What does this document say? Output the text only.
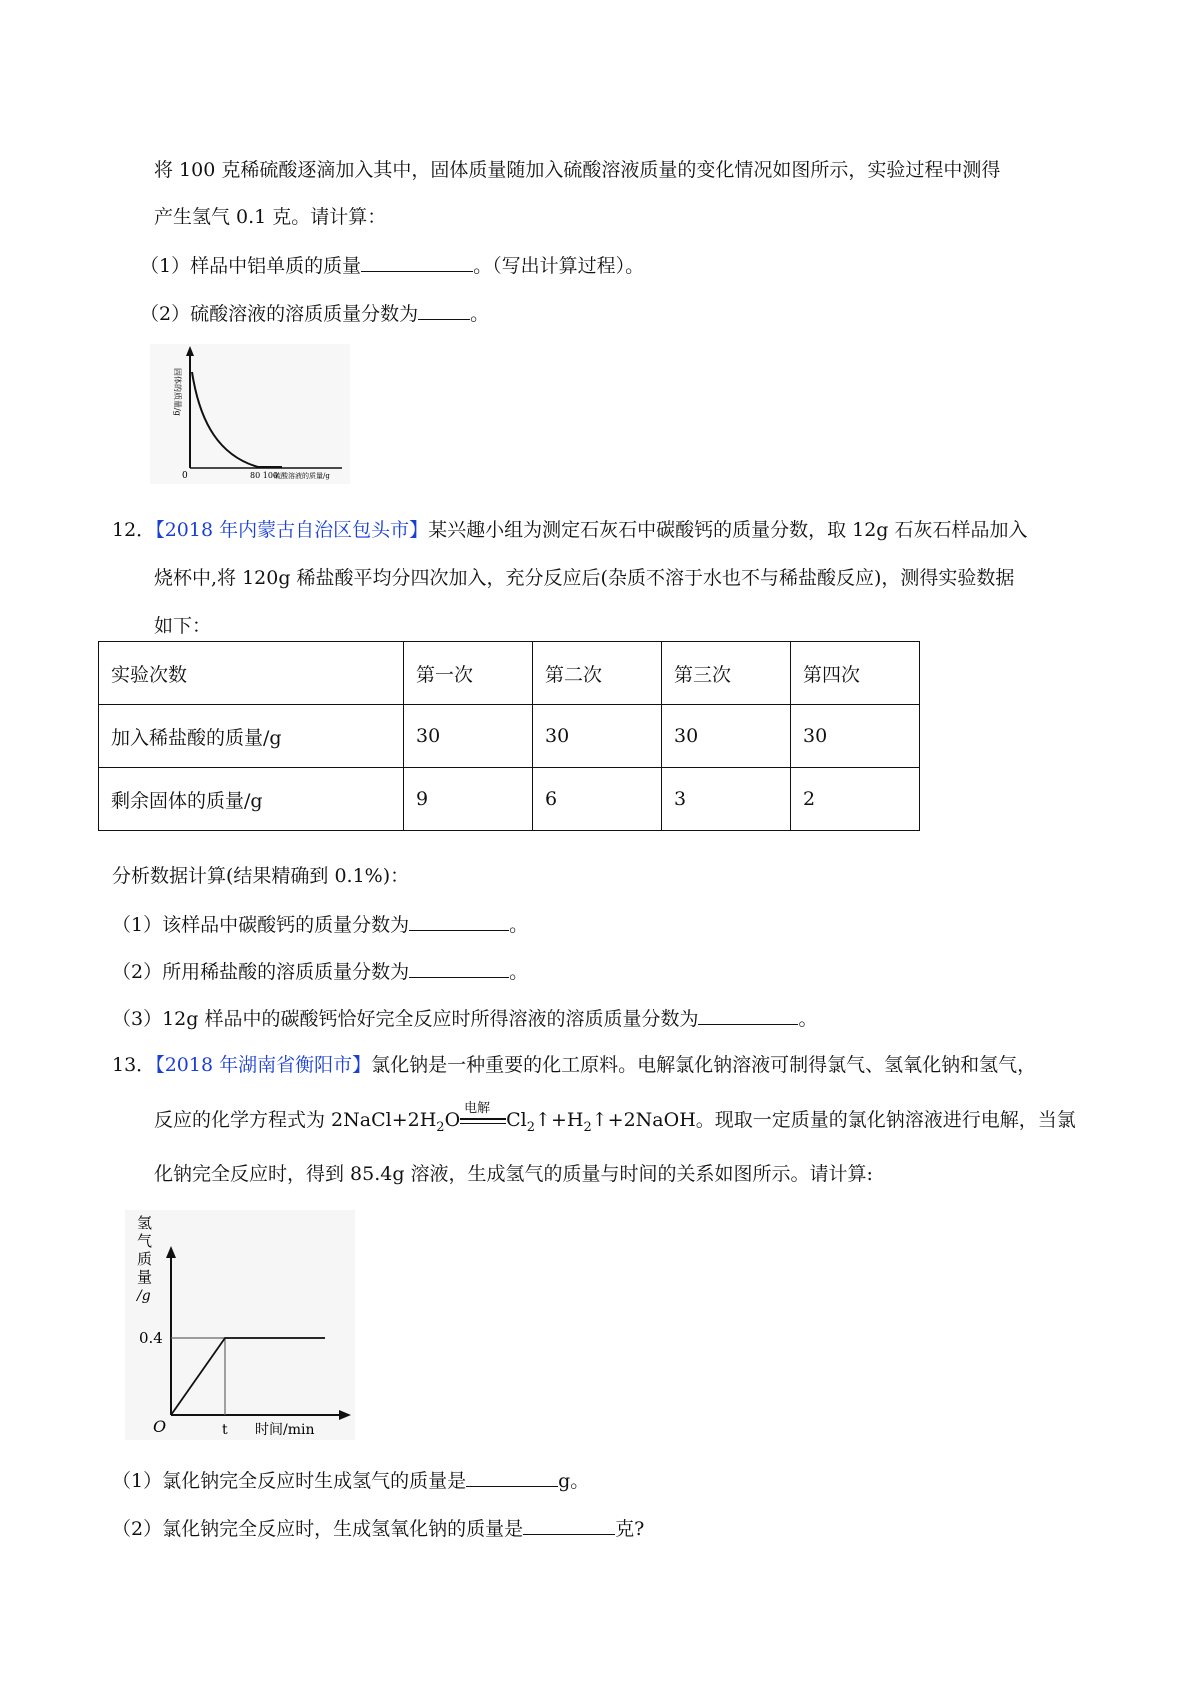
将 100 克稀硫酸逐滴加入其中，固体质量随加入硫酸溶液质量的变化情况如图所示，实验过程中测得
产生氢气 0.1 克。请计算：
（1）样品中铝单质的质量	。（写出计算过程）。
（2）硫酸溶液的溶质质量分数为	。
固体的质量/g
0	80 100
硫酸溶液的质量/g
12．【2018 年内蒙古自治区包头市】某兴趣小组为测定石灰石中碳酸钙的质量分数，取 12g 石灰石样品加入
烧杯中,将 120g 稀盐酸平均分四次加入，充分反应后(杂质不溶于水也不与稀盐酸反应)，测得实验数据
如下：
实验次数	第一次	第二次	第三次	第四次
加入稀盐酸的质量/g	30	30	30	30
剩余固体的质量/g	9	6	3	2
分析数据计算(结果精确到 0.1%)：
（1）该样品中碳酸钙的质量分数为	。
（2）所用稀盐酸的溶质质量分数为	。
（3）12g 样品中的碳酸钙恰好完全反应时所得溶液的溶质质量分数为	。
13．【2018 年湖南省衡阳市】氯化钠是一种重要的化工原料。电解氯化钠溶液可制得氯气、氢氧化钠和氢气，
反应的化学方程式为 $2NaCl+2H_2O$
电解
$Cl_2↑+H_2↑+2NaOH$。现取一定质量的氯化钠溶液进行电解，当氯
化钠完全反应时，得到 85.4g 溶液，生成氢气的质量与时间的关系如图所示。请计算:
氢
气
质
量
/g
0.4
O	t 时间/min
（1）氯化钠完全反应时生成氢气的质量是	g。
（2）氯化钠完全反应时，生成氢氧化钠的质量是	克?
